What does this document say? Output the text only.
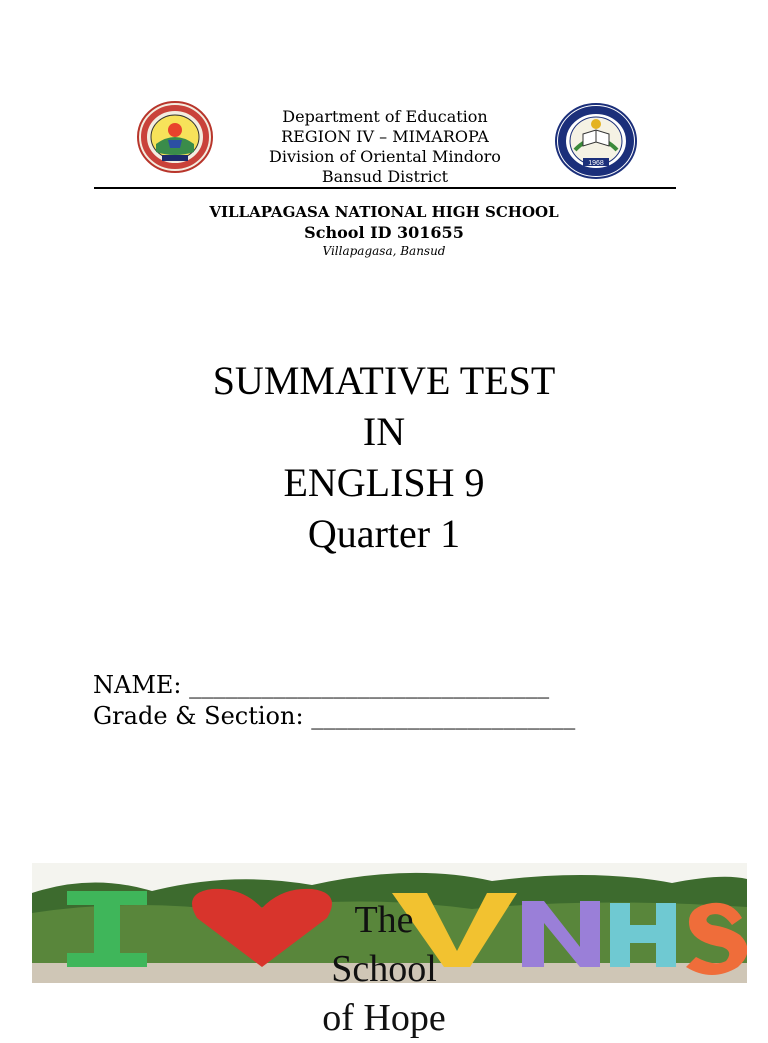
Department of Education
REGION IV – MIMAROPA
Division of Oriental Mindoro
Bansud District
1968
VILLAPAGASA NATIONAL HIGH SCHOOL
School ID 301655
Villapagasa, Bansud
SUMMATIVE TEST
IN
ENGLISH 9
Quarter 1
NAME: ______________________________
Grade & Section: ______________________
The
School
of Hope
